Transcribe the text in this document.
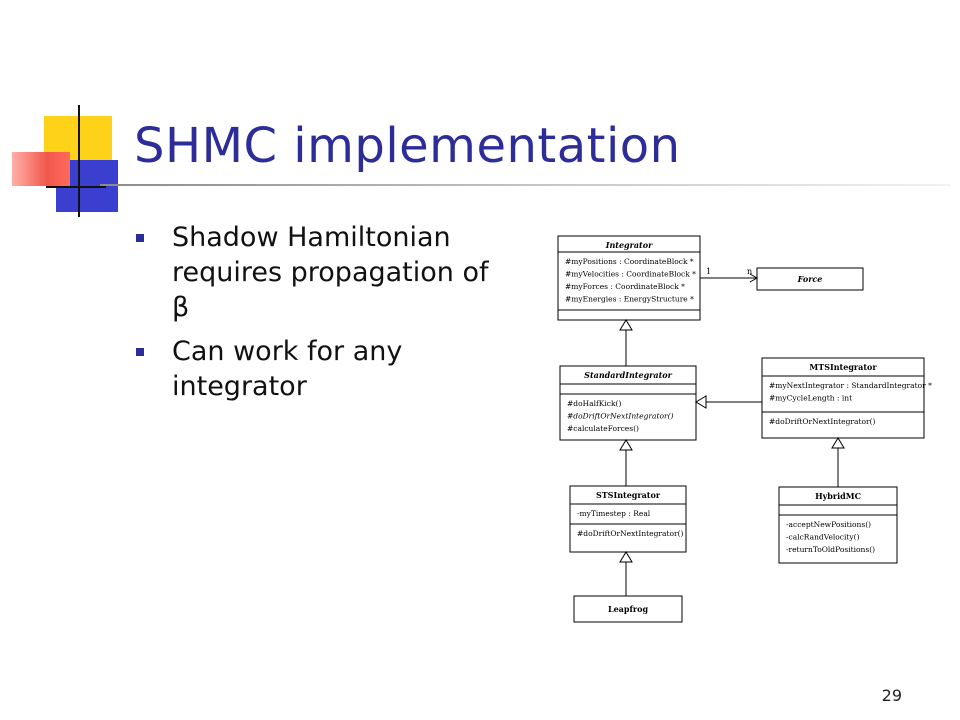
SHMC implementation
Shadow Hamiltonian requires propagation of β
Can work for any integrator
Integrator
#myPositions : CoordinateBlock *
#myVelocities : CoordinateBlock *
#myForces : CoordinateBlock *
#myEnergies : EnergyStructure *
Force
StandardIntegrator
#doHalfKick()
#doDriftOrNextIntegrator()
#calculateForces()
MTSIntegrator
#myNextIntegrator : StandardIntegrator *
#myCycleLength : int
#doDriftOrNextIntegrator()
STSIntegrator
-myTimestep : Real
#doDriftOrNextIntegrator()
HybridMC
-acceptNewPositions()
-calcRandVelocity()
-returnToOldPositions()
Leapfrog
1	n
29
